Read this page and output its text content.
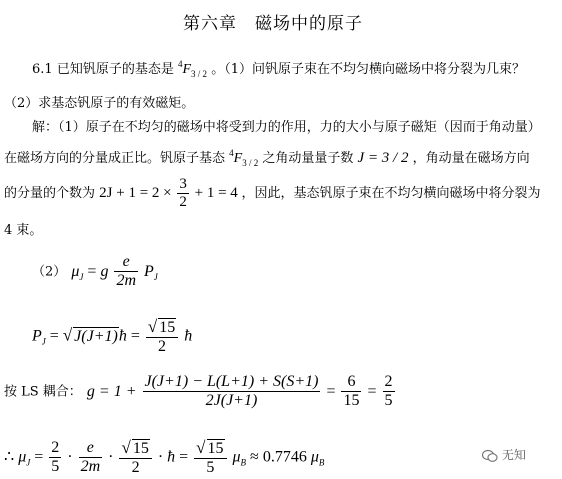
第六章　磁场中的原子
6.1 已知钒原子的基态是 $^4F_{3 / 2}$ 。（1）问钒原子束在不均匀横向磁场中将分裂为几束？
（2）求基态钒原子的有效磁矩。
解：（1）原子在不均匀的磁场中将受到力的作用，力的大小与原子磁矩（因而于角动量）
在磁场方向的分量成正比。钒原子基态 $^4F_{3 / 2}$ 之角动量量子数 J = 3 / 2 ，角动量在磁场方向
的分量的个数为 $2J + 1 = 2 \times \frac{3}{2} + 1 = 4$ ，因此，基态钒原子束在不均匀横向磁场中将分裂为
4 束。
（2） $\mu_J = g \frac{e}{2m} P_J$
$P_J$ = √ J(J+1)ħ = $\frac{√ 15}{2}$ ħ
按 LS 耦合： $g = 1 + \frac{J(J+1) - L(L+1) + S(S+1)}{2J(J+1)} = \frac{6}{15} = \frac{2}{5}$
∴ $\mu_J = \frac{2}{5} \cdot \frac{e}{2m} \cdot \frac{√ 15}{2}$ · ħ = $\frac{√ 15}{5} \mu_B \approx 0.7746$ $\mu_B$
无知
